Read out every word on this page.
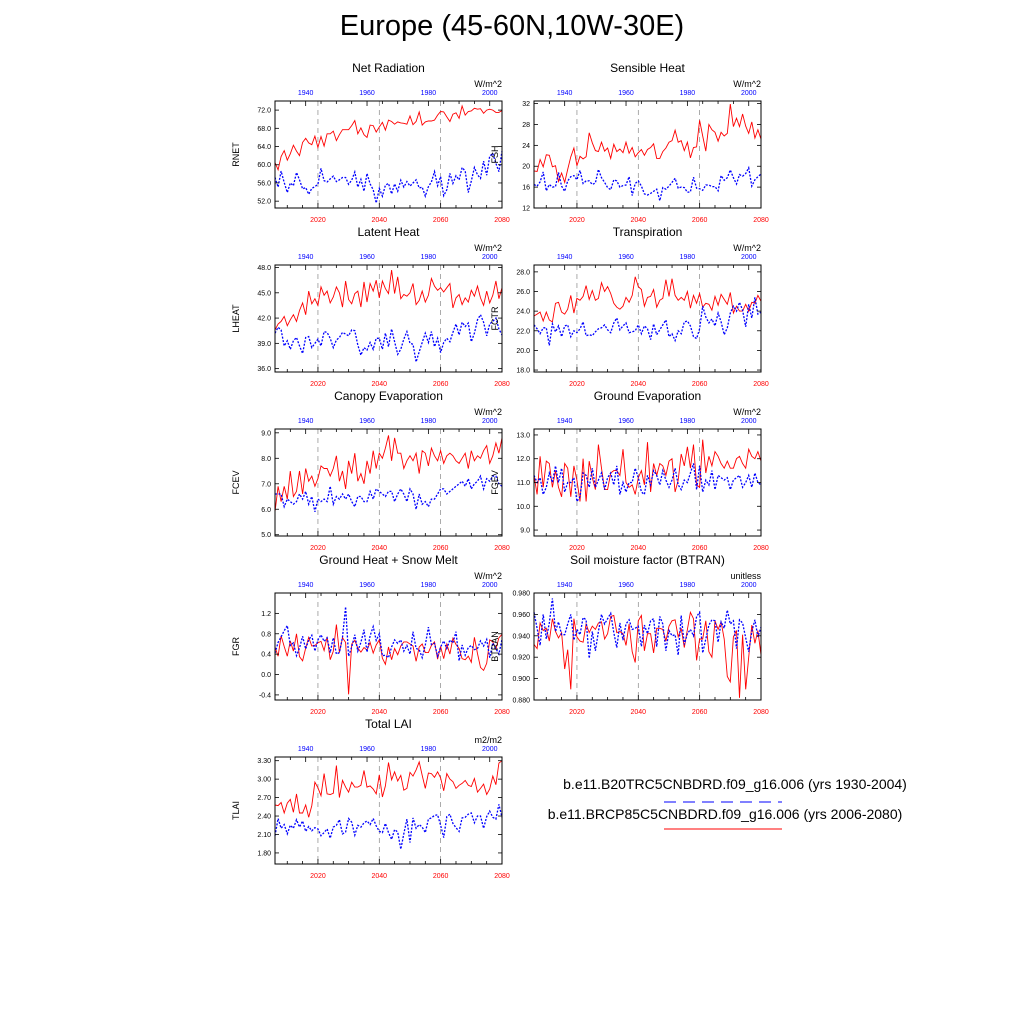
Europe (45-60N,10W-30E)
Net Radiation
W/m^2
52.0
56.0
60.0
64.0
68.0
72.0
2020	2040	2060	2080
1940	1960	1980	2000
RNET
Sensible Heat
W/m^2
12
16
20
24
28
32
2020	2040	2060	2080
1940	1960	1980	2000
FSH
Latent Heat
W/m^2
36.0
39.0
42.0
45.0
48.0
2020	2040	2060	2080
1940	1960	1980	2000
LHEAT
Transpiration
W/m^2
18.0
20.0
22.0
24.0
26.0
28.0
2020	2040	2060	2080
1940	1960	1980	2000
FCTR
Canopy Evaporation
W/m^2
5.0
6.0
7.0
8.0
9.0
2020	2040	2060	2080
1940	1960	1980	2000
FCEV
Ground Evaporation
W/m^2
9.0
10.0
11.0
12.0
13.0
2020	2040	2060	2080
1940	1960	1980	2000
FGEV
Ground Heat + Snow Melt
W/m^2
-0.4
0.0
0.4
0.8
1.2
2020	2040	2060	2080
1940	1960	1980	2000
FGR
Soil moisture factor (BTRAN)
unitless
0.880
0.900
0.920
0.940
0.960
0.980
2020	2040	2060	2080
1940	1960	1980	2000
BTRAN
Total LAI
m2/m2
1.80
2.10
2.40
2.70
3.00
3.30
2020	2040	2060	2080
1940	1960	1980	2000
TLAI
b.e11.B20TRC5CNBDRD.f09_g16.006 (yrs 1930-2004)
b.e11.BRCP85C5CNBDRD.f09_g16.006 (yrs 2006-2080)
